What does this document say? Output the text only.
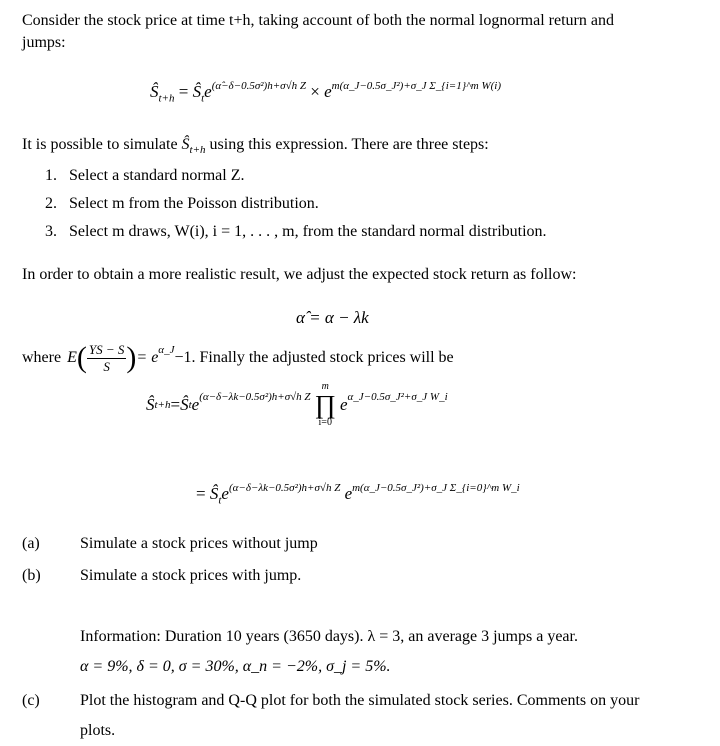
Consider the stock price at time t+h, taking account of both the normal lognormal return and
jumps:
$Ŝ_{t+h}$ = $Ŝ_te^{(\alphâ-\delta-0.5\sigma^2)h+\sigma√h Z} \times e^{m(\alpha\_J-0.5\sigma\_J^2)+\sigma\_J \Sigma\_\{i=1\}\^{}m W(i)}$
It is possible to simulate $Ŝ_{t+h}$ using this expression. There are three steps:
1. Select a standard normal Z.
2. Select m from the Poisson distribution.
3. Select m draws, W(i), i = 1, . . . , m, from the standard normal distribution.
In order to obtain a more realistic result, we adjust the expected stock return as follow:
α̂ = α − λk
where E ( $\frac{YS - S}{S}$ ) = e α_J −1 . Finally the adjusted stock prices will be
Ŝ t+h = Ŝ t e (α−δ−λk−0.5σ²)h+σ√h Z
m
∏
i=0
e α_J−0.5σ_J²+σ_J W_i
= $Ŝ_te^{(\alpha-\delta-\lambda k-0.5\sigma^2)h+\sigma√h Z}$ $e^{m(\alpha\_J-0.5\sigma\_J^2)+\sigma\_J \Sigma\_\{i=0\}\^{}m W\_i}$
(a)	Simulate a stock prices without jump
(b) Simulate a stock prices with jump.
Information: Duration 10 years (3650 days). λ = 3, an average 3 jumps a year.
α = 9%, δ = 0, σ = 30%, α_n = −2%, σ_j = 5%.
(c)	Plot the histogram and Q-Q plot for both the simulated stock series. Comments on your
plots.
